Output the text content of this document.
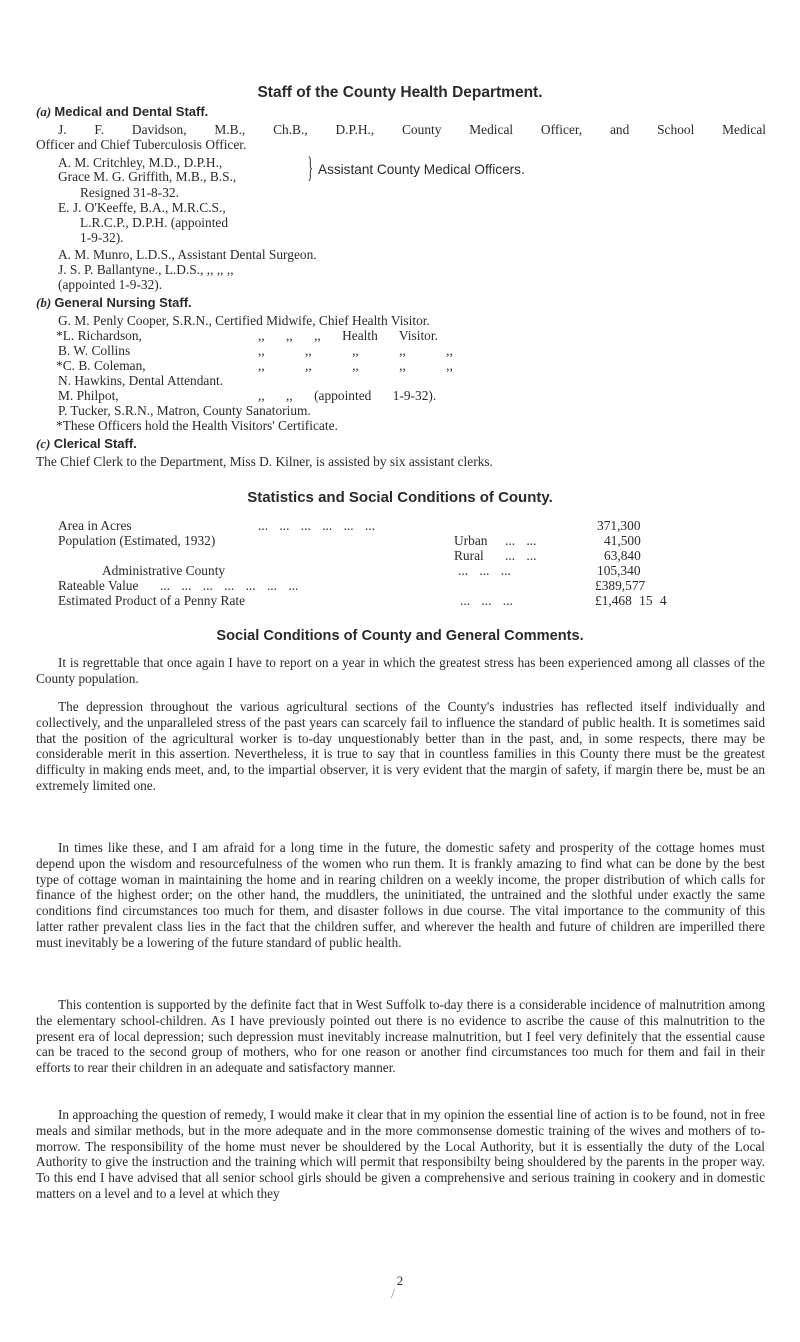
Staff of the County Health Department.
(a) Medical and Dental Staff.
J. F. Davidson, M.B., Ch.B., D.P.H., County Medical Officer, and School Medical
Officer and Chief Tuberculosis Officer.
A. M. Critchley, M.D., D.P.H.,
Grace M. G. Griffith, M.B., B.S., } Assistant County Medical Officers.
Resigned 31-8-32.
E. J. O'Keeffe, B.A., M.R.C.S.,
L.R.C.P., D.P.H. (appointed
1-9-32).
A. M. Munro, L.D.S., Assistant Dental Surgeon.
J. S. P. Ballantyne., L.D.S., ,, ,, ,,
(appointed 1-9-32).
(b) General Nursing Staff.
G. M. Penly Cooper, S.R.N., Certified Midwife, Chief Health Visitor.
*L. Richardson,	,, ,, ,, Health Visitor.
B. W. Collins	,, ,, ,, ,, ,,
*C. B. Coleman,	,, ,, ,, ,, ,,
N. Hawkins, Dental Attendant.
M. Philpot,	,, ,, (appointed 1-9-32).
P. Tucker, S.R.N., Matron, County Sanatorium.
*These Officers hold the Health Visitors' Certificate.
(c) Clerical Staff.
The Chief Clerk to the Department, Miss D. Kilner, is assisted by six assistant clerks.
Statistics and Social Conditions of County.
Area in Acres	... ... ... ... ... ...	371,300
Population (Estimated, 1932)	Urban ... ...	41,500
Rural ... ...	63,840
Administrative County	... ... ...	105,340
Rateable Value ... ... ... ... ... ... ...	£389,577
Estimated Product of a Penny Rate	... ... ...	£1,468 15 4
Social Conditions of County and General Comments.
It is regrettable that once again I have to report on a year in which the greatest stress has been experienced among all classes of the County population.
The depression throughout the various agricultural sections of the County's industries has reflected itself individually and collectively, and the unparalleled stress of the past years can scarcely fail to influence the standard of public health. It is sometimes said that the position of the agricultural worker is to-day unquestionably better than in the past, and, in some respects, there may be considerable merit in this assertion. Nevertheless, it is true to say that in countless families in this County there must be the greatest difficulty in making ends meet, and, to the impartial observer, it is very evident that the margin of safety, if margin there be, must be an extremely limited one.
In times like these, and I am afraid for a long time in the future, the domestic safety and prosperity of the cottage homes must depend upon the wisdom and resourcefulness of the women who run them. It is frankly amazing to find what can be done by the best type of cottage woman in maintaining the home and in rearing children on a weekly income, the proper distribution of which calls for finance of the highest order; on the other hand, the muddlers, the uninitiated, the untrained and the slothful under exactly the same conditions find circumstances too much for them, and disaster follows in due course. The vital importance to the community of this latter rather prevalent class lies in the fact that the children suffer, and wherever the health and future of children are imperilled there must inevitably be a lowering of the future standard of public health.
This contention is supported by the definite fact that in West Suffolk to-day there is a considerable incidence of malnutrition among the elementary school-children. As I have previously pointed out there is no evidence to ascribe the cause of this malnutrition to the present era of local depression; such depression must inevitably increase malnutrition, but I feel very definitely that the essential cause can be traced to the second group of mothers, who for one reason or another find circumstances too much for them and fail in their efforts to rear their children in an adequate and satisfactory manner.
In approaching the question of remedy, I would make it clear that in my opinion the essential line of action is to be found, not in free meals and similar methods, but in the more adequate and in the more commonsense domestic training of the wives and mothers of to-morrow. The responsibility of the home must never be shouldered by the Local Authority, but it is essentially the duty of the Local Authority to give the instruction and the training which will permit that responsibilty being shouldered by the parents in the proper way. To this end I have advised that all senior school girls should be given a comprehensive and serious training in cookery and in domestic matters on a level and to a level at which they
2
/
